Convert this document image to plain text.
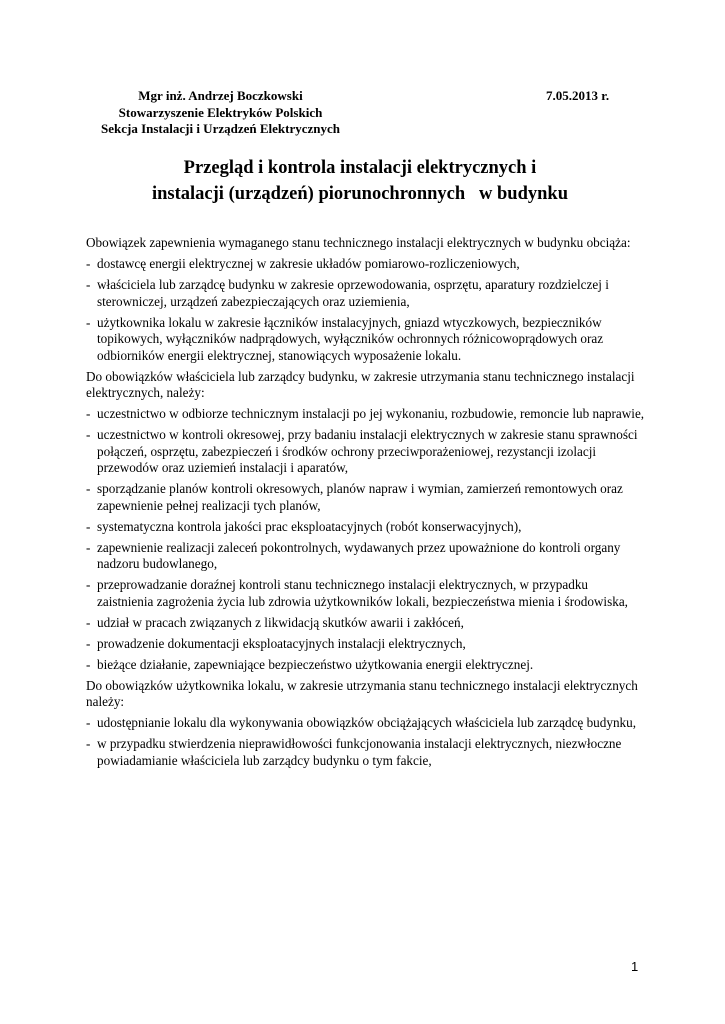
Mgr inż. Andrzej Boczkowski
Stowarzyszenie Elektryków Polskich
Sekcja Instalacji i Urządzeń Elektrycznych
7.05.2013 r.
Przegląd i kontrola instalacji elektrycznych i
instalacji (urządzeń) piorunochronnych   w budynku

Obowiązek zapewnienia wymaganego stanu technicznego instalacji elektrycznych w budynku obciąża:

- dostawcę energii elektrycznej w zakresie układów pomiarowo-rozliczeniowych,
- właściciela lub zarządcę budynku w zakresie oprzewodowania, osprzętu, aparatury rozdzielczej i sterowniczej, urządzeń zabezpieczających oraz uziemienia,
- użytkownika lokalu w zakresie łączników instalacyjnych, gniazd wtyczkowych, bezpieczników topikowych, wyłączników nadprądowych, wyłączników ochronnych różnicowoprądowych oraz odbiorników energii elektrycznej, stanowiących wyposażenie lokalu.

Do obowiązków właściciela lub zarządcy budynku, w zakresie utrzymania stanu technicznego instalacji elektrycznych, należy:

- uczestnictwo w odbiorze technicznym instalacji po jej wykonaniu, rozbudowie, remoncie lub naprawie,
- uczestnictwo w kontroli okresowej, przy badaniu instalacji elektrycznych w zakresie stanu sprawności połączeń, osprzętu, zabezpieczeń i środków ochrony przeciwporażeniowej, rezystancji izolacji przewodów oraz uziemień instalacji i aparatów,
- sporządzanie planów kontroli okresowych, planów napraw i wymian, zamierzeń remontowych oraz zapewnienie pełnej realizacji tych planów,
- systematyczna kontrola jakości prac eksploatacyjnych (robót konserwacyjnych),
- zapewnienie realizacji zaleceń pokontrolnych, wydawanych przez upoważnione do kontroli organy nadzoru budowlanego,
- przeprowadzanie doraźnej kontroli stanu technicznego instalacji elektrycznych, w przypadku zaistnienia zagrożenia życia lub zdrowia użytkowników lokali, bezpieczeństwa mienia i środowiska,
- udział w pracach związanych z likwidacją skutków awarii i zakłóceń,
- prowadzenie dokumentacji eksploatacyjnych instalacji elektrycznych,
- bieżące działanie, zapewniające bezpieczeństwo użytkowania energii elektrycznej.

Do obowiązków użytkownika lokalu, w zakresie utrzymania stanu technicznego instalacji elektrycznych należy:

- udostępnianie lokalu dla wykonywania obowiązków obciążających właściciela lub zarządcę budynku,
- w przypadku stwierdzenia nieprawidłowości funkcjonowania instalacji elektrycznych, niezwłoczne powiadamianie właściciela lub zarządcy budynku o tym fakcie,
1
